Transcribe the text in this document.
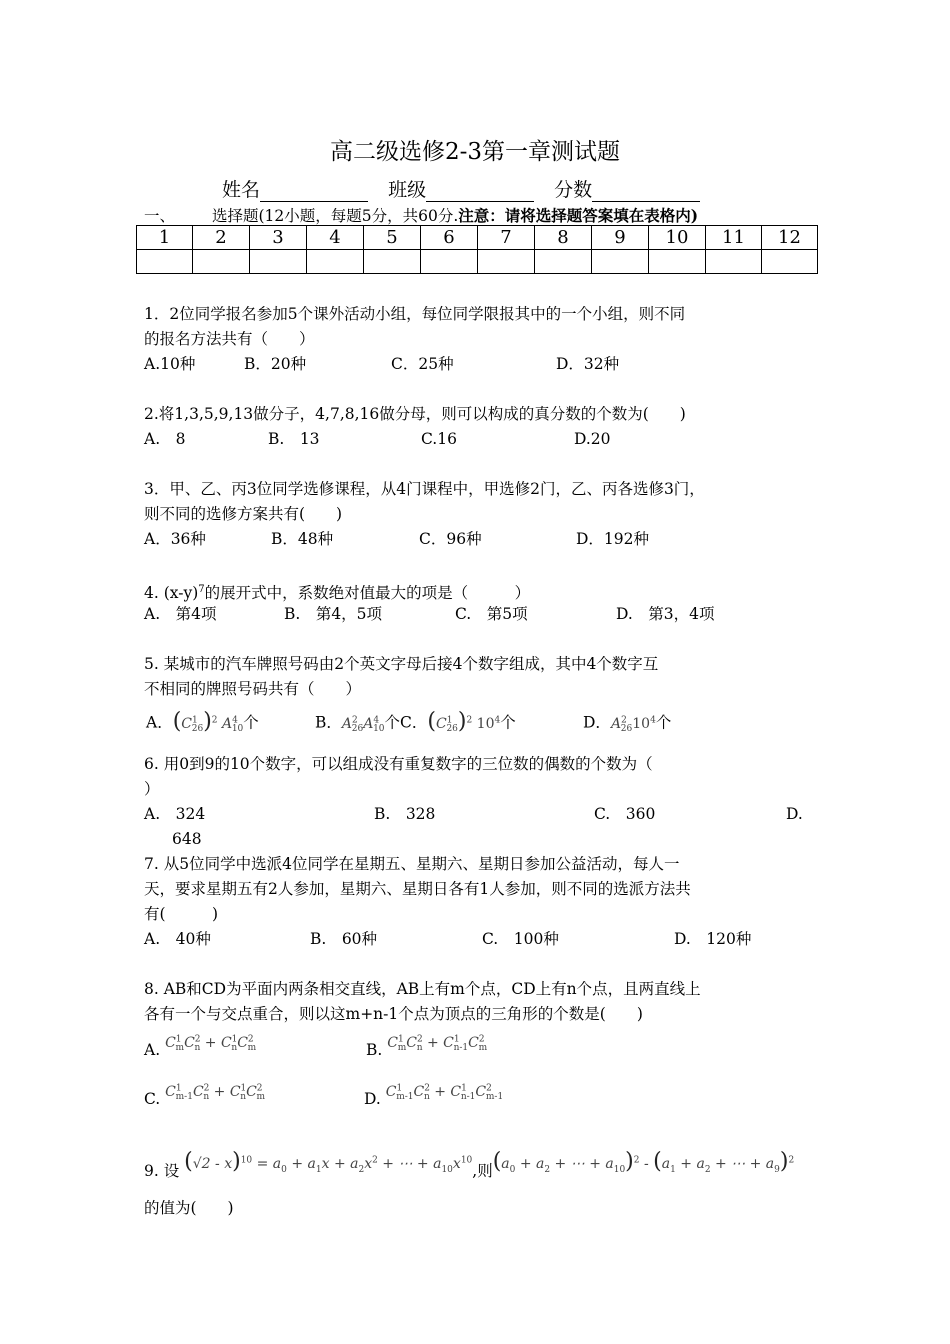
高二级选修2-3第一章测试题
姓名	班级	分数
一、 选择题(12小题，每题5分，共60分.注意：请将选择题答案填在表格内)
1	2	3	4	5	6	7	8	9	10	11	12

1．2位同学报名参加5个课外活动小组，每位同学限报其中的一个小组，则不同
的报名方法共有（　　）
A.10种	B．20种	C．25种	D．32种
2.将1,3,5,9,13做分子，4,7,8,16做分母，则可以构成的真分数的个数为(　　)
A.　8	B.　13	C.16	D.20
3．甲、乙、丙3位同学选修课程，从4门课程中，甲选修2门，乙、丙各选修3门，
则不同的选修方案共有(　　)
A．36种	B．48种	C．96种	D．192种
4. $(x-y)^7$的展开式中，系数绝对值最大的项是（　　　）
A.　第4项	B.　第4，5项	C.　第5项	D.　第3，4项
5. 某城市的汽车牌照号码由2个英文字母后接4个数字组成，其中4个数字互
不相同的牌照号码共有（　　）
A．$(C^1_{26})^2$ $A^4_{10}$个	B．$A^2_{26}A^4_{10}$个C．$(C^1_{26})^2$ $10^4$个	D．$A^2_{26}10^4$个
6. 用0到9的10个数字，可以组成没有重复数字的三位数的偶数的个数为（
）
A.　324	B.　328	C.　360	D.
648
7. 从5位同学中选派4位同学在星期五、星期六、星期日参加公益活动，每人一
天，要求星期五有2人参加，星期六、星期日各有1人参加，则不同的选派方法共
有(　　　)
A.　40种	B.　60种	C.　100种	D.　120种
8. AB和CD为平面内两条相交直线，AB上有m个点，CD上有n个点，且两直线上
各有一个与交点重合，则以这m+n-1个点为顶点的三角形的个数是(　　)
A. $C^1_mC^2_n + C^1_nC^2_m$	B. $C^1_mC^2_n + C^1_{n-1}C^2_m$
C. $C^1_{m-1}C^2_n + C^1_nC^2_m$	D. $C^1_{m-1}C^2_n + C^1_{n-1}C^2_{m-1}$
9. 设 $(√2 - x)^{10} = a_0 + a_1x + a_2x^2$ + ⋯ + $a_{10}x^{10}$,则($a_0 + a_2$ + ⋯ + $a_{10})^2 - (a_1 + a_2$ + ⋯ + $a_9)^2$
的值为(　　)
